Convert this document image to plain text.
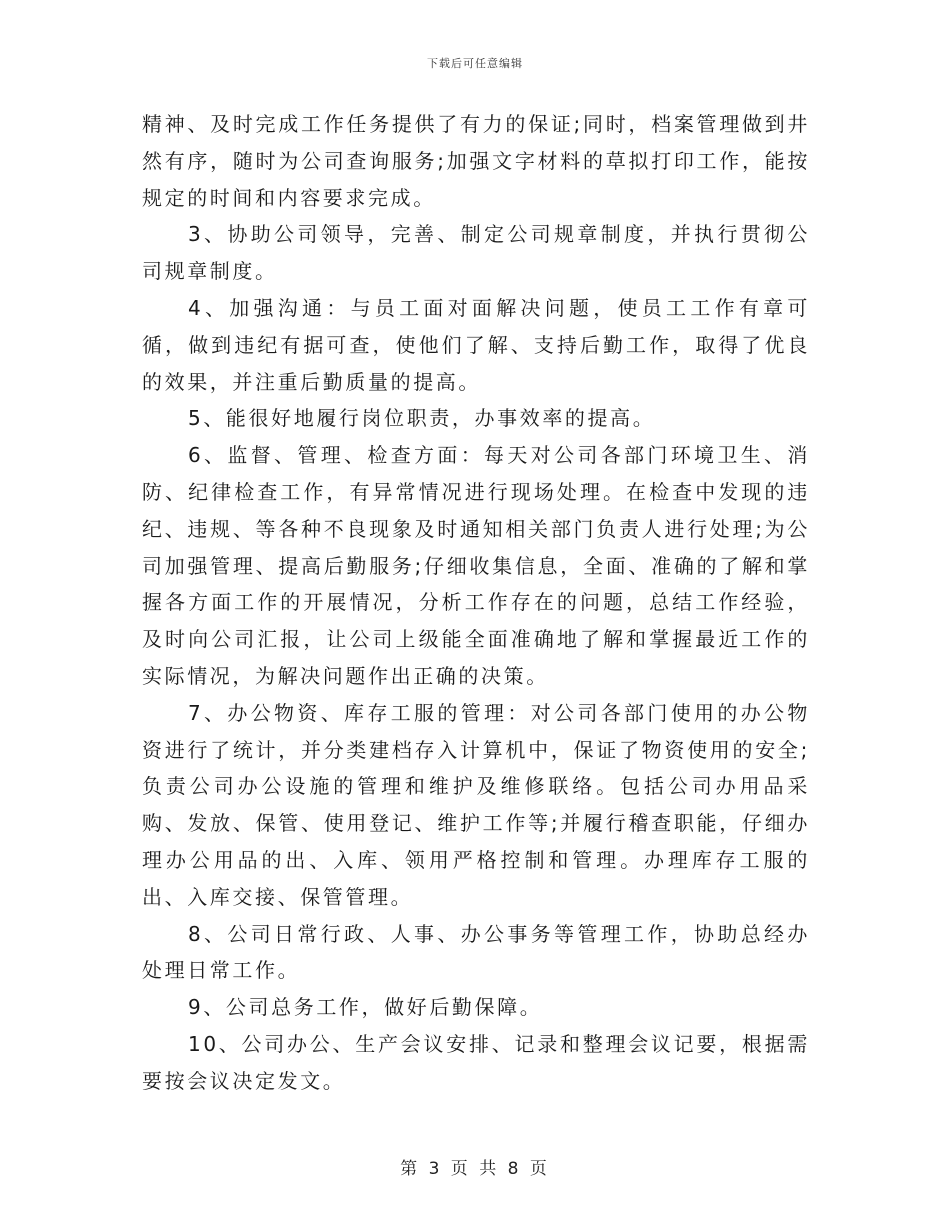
下载后可任意编辑

精神、及时完成工作任务提供了有力的保证;同时，档案管理做到井然有序，随时为公司查询服务;加强文字材料的草拟打印工作，能按规定的时间和内容要求完成。

3、协助公司领导，完善、制定公司规章制度，并执行贯彻公司规章制度。

4、加强沟通：与员工面对面解决问题，使员工工作有章可循，做到违纪有据可查，使他们了解、支持后勤工作，取得了优良的效果，并注重后勤质量的提高。

5、能很好地履行岗位职责，办事效率的提高。

6、监督、管理、检查方面：每天对公司各部门环境卫生、消防、纪律检查工作，有异常情况进行现场处理。在检查中发现的违纪、违规、等各种不良现象及时通知相关部门负责人进行处理;为公司加强管理、提高后勤服务;仔细收集信息，全面、准确的了解和掌握各方面工作的开展情况，分析工作存在的问题，总结工作经验，及时向公司汇报，让公司上级能全面准确地了解和掌握最近工作的实际情况，为解决问题作出正确的决策。

7、办公物资、库存工服的管理：对公司各部门使用的办公物资进行了统计，并分类建档存入计算机中，保证了物资使用的安全;负责公司办公设施的管理和维护及维修联络。包括公司办用品采购、发放、保管、使用登记、维护工作等;并履行稽查职能，仔细办理办公用品的出、入库、领用严格控制和管理。办理库存工服的出、入库交接、保管管理。

8、公司日常行政、人事、办公事务等管理工作，协助总经办处理日常工作。

9、公司总务工作，做好后勤保障。

10、公司办公、生产会议安排、记录和整理会议记要，根据需要按会议决定发文。

第 3 页 共 8 页
